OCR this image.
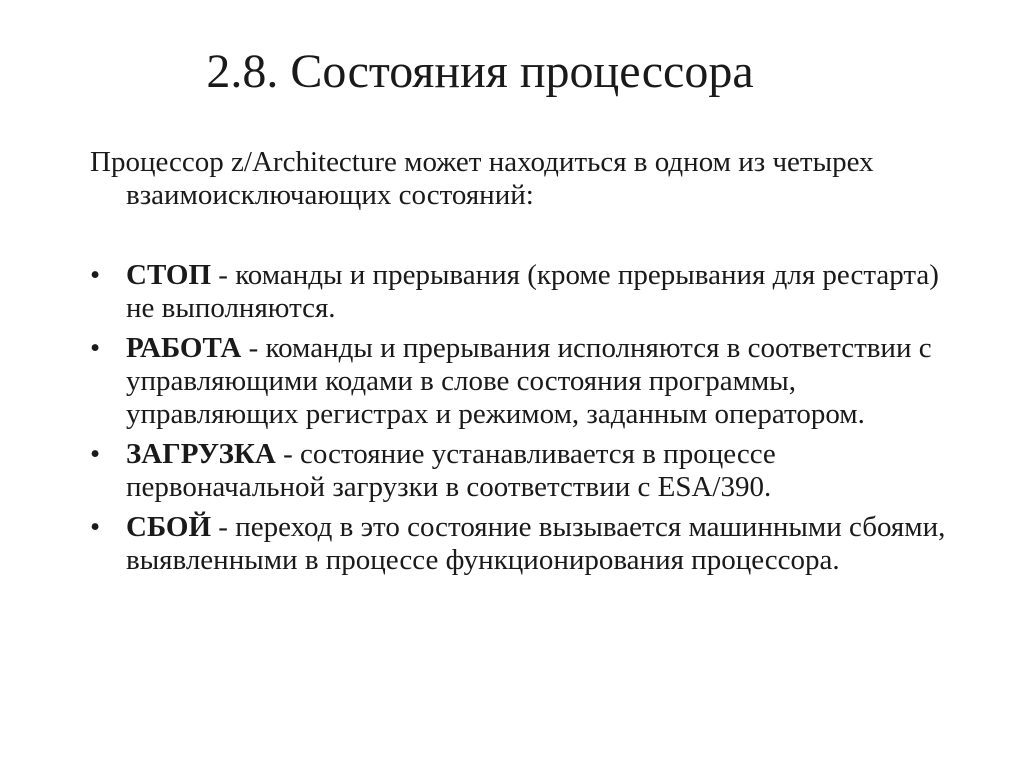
2.8. Состояния процессора

Процессор z/Architecture может находиться в одном из четырех взаимоисключающих состояний:

• СТОП - команды и прерывания (кроме прерывания для рестарта) не выполняются.
• РАБОТА - команды и прерывания исполняются в соответствии с управляющими кодами в слове состояния программы, управляющих регистрах и режимом, заданным оператором.
• ЗАГРУЗКА - состояние устанавливается в процессе первоначальной загрузки в соответствии с ESA/390.
• СБОЙ - переход в это состояние вызывается машинными сбоями, выявленными в процессе функционирования процессора.
